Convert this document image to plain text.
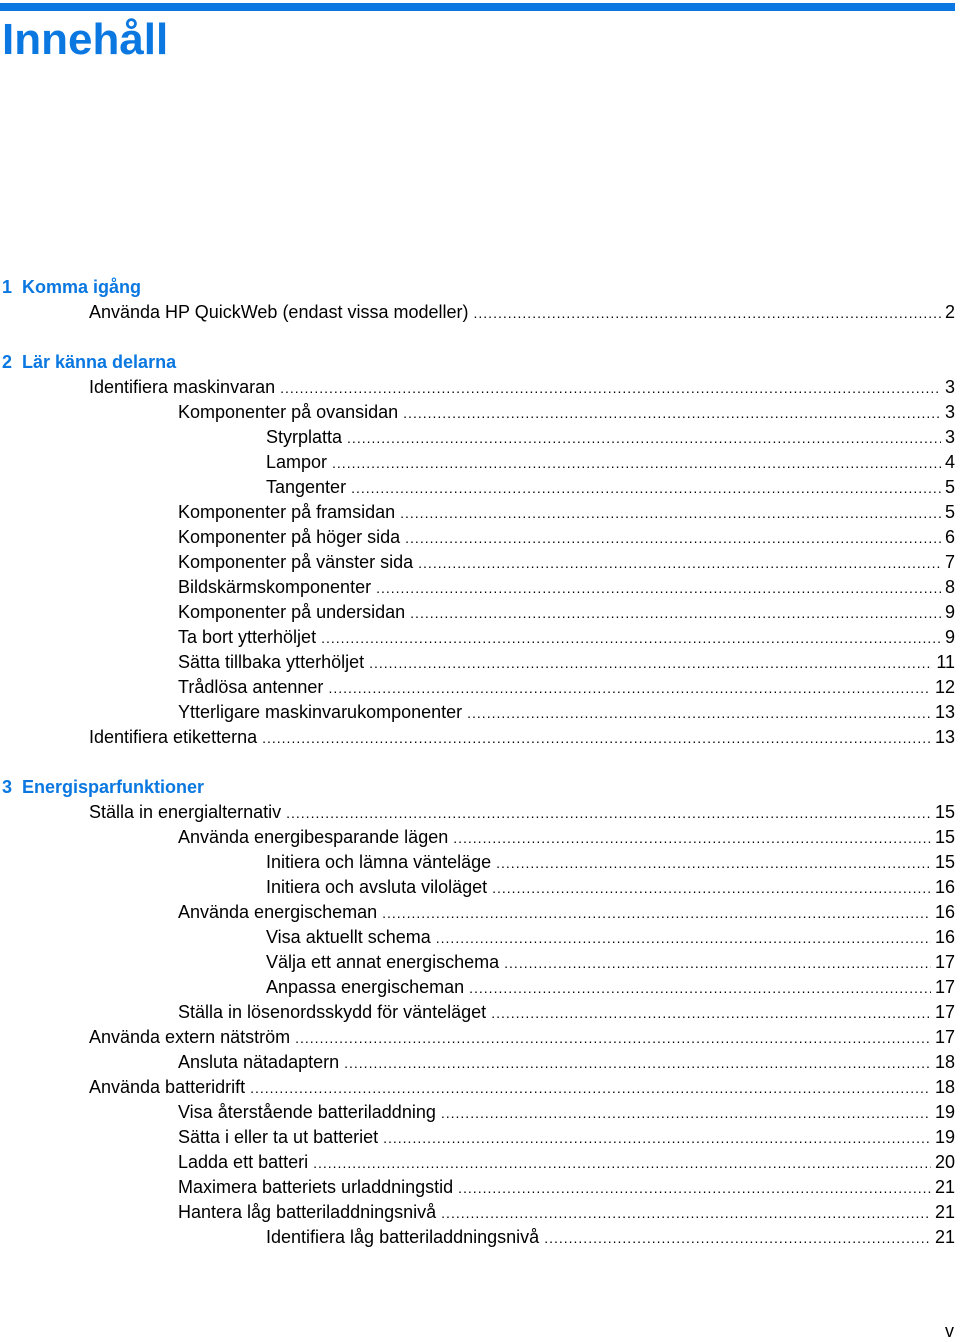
Innehåll
1 Komma igång
Använda HP QuickWeb (endast vissa modeller) .....	2
2 Lär känna delarna
Identifiera maskinvaran .....	3
Komponenter på ovansidan .....	3
Styrplatta .....	3
Lampor .....	4
Tangenter .....	5
Komponenter på framsidan .....	5
Komponenter på höger sida .....	6
Komponenter på vänster sida .....	7
Bildskärmskomponenter .....	8
Komponenter på undersidan .....	9
Ta bort ytterhöljet .....	9
Sätta tillbaka ytterhöljet .....	11
Trådlösa antenner .....	12
Ytterligare maskinvarukomponenter .....	13
Identifiera etiketterna .....	13
3 Energisparfunktioner
Ställa in energialternativ .....	15
Använda energibesparande lägen .....	15
Initiera och lämna vänteläge .....	15
Initiera och avsluta viloläget .....	16
Använda energischeman .....	16
Visa aktuellt schema .....	16
Välja ett annat energischema .....	17
Anpassa energischeman .....	17
Ställa in lösenordsskydd för vänteläget .....	17
Använda extern nätström .....	17
Ansluta nätadaptern .....	18
Använda batteridrift .....	18
Visa återstående batteriladdning .....	19
Sätta i eller ta ut batteriet .....	19
Ladda ett batteri .....	20
Maximera batteriets urladdningstid .....	21
Hantera låg batteriladdningsnivå .....	21
Identifiera låg batteriladdningsnivå .....	21
v
